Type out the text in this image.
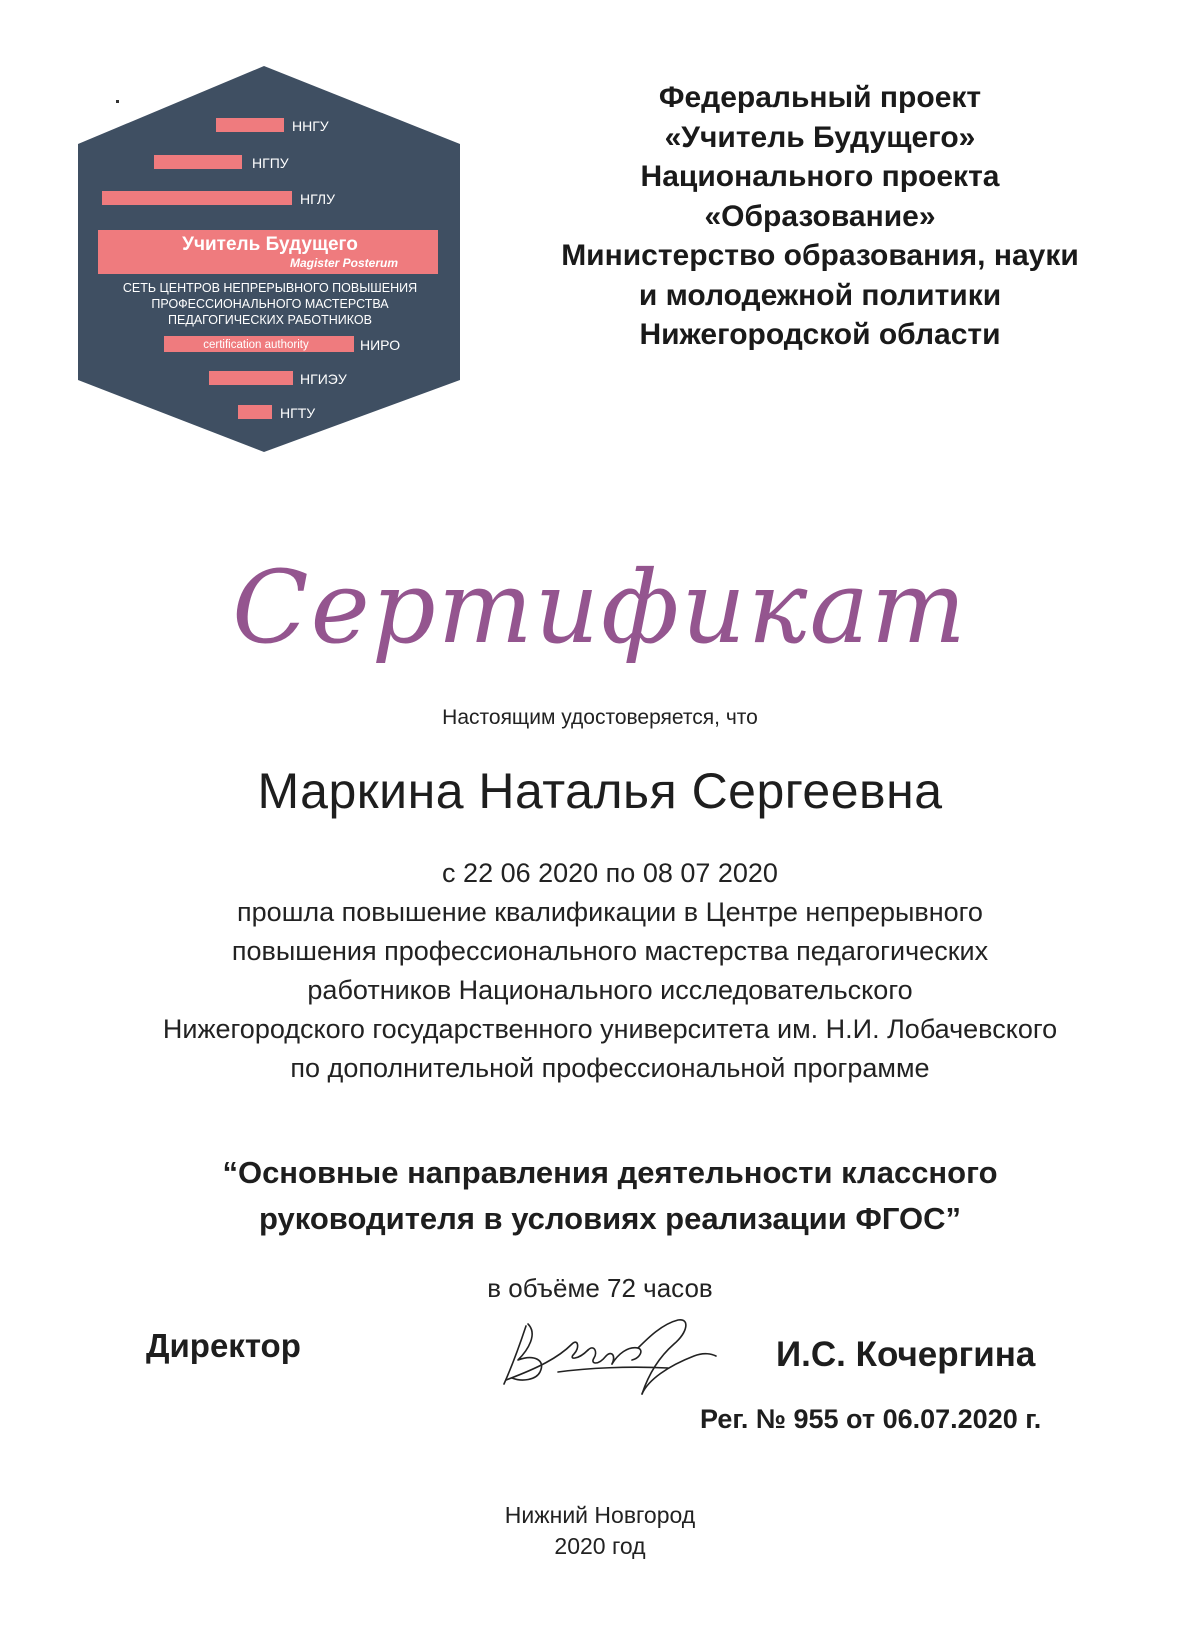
ННГУ
НГПУ
НГЛУ
Учитель Будущего
Magister Posterum
СЕТЬ ЦЕНТРОВ НЕПРЕРЫВНОГО ПОВЫШЕНИЯ
ПРОФЕССИОНАЛЬНОГО МАСТЕРСТВА
ПЕДАГОГИЧЕСКИХ РАБОТНИКОВ
certification authority	НИРО
НГИЭУ
НГТУ
Федеральный проект
«Учитель Будущего»
Национального проекта
«Образование»
Министерство образования, науки
и молодежной политики
Нижегородской области
Сертификат
Настоящим удостоверяется, что
Маркина Наталья Сергеевна
с 22 06 2020 по 08 07 2020
прошла повышение квалификации в Центре непрерывного
повышения профессионального мастерства педагогических
работников Национального исследовательского
Нижегородского государственного университета им. Н.И. Лобачевского
по дополнительной профессиональной программе
“Основные направления деятельности классного
руководителя в условиях реализации ФГОС”
в объёме 72 часов
Директор	И.С. Кочергина
Рег. № 955 от 06.07.2020 г.
Нижний Новгород
2020 год
